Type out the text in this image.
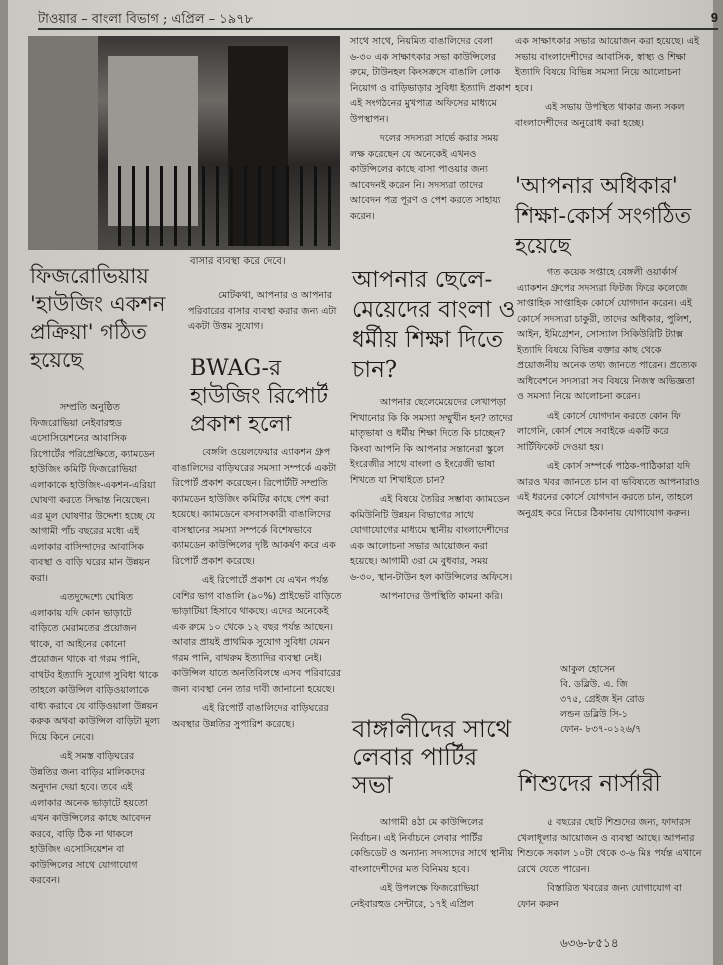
টাওয়ার – বাংলা বিভাগ ; এপ্রিল – ১৯৭৮	9
বাসার ব্যবস্থা করে দেবে।
ফিজরোভিয়ায় 'হাউজিং একশন প্রক্রিয়া' গঠিত হয়েছে

মোটকথা, আপনার ও আপনার পরিবারের বাসার ব্যবস্থা করার জন্য এটা একটা উত্তম সুযোগ।

সম্প্রতি অনুষ্ঠিত ফিজরোভিয়া নেইবারহুড এসোসিয়েশনের আবাসিক রিপোর্টের পরিপ্রেক্ষিতে, ক্যামডেন হাউজিং কমিটি ফিজরোভিয়া এলাকাকে হাউজিং-একশন-এরিয়া ঘোষণা করতে সিদ্ধান্ত নিয়েছেন। এর মূল ঘোষণার উদ্দেশ্য হচ্ছে যে আগামী পাঁচ বছরের মধ্যে এই এলাকার বাসিন্দাদের আবাসিক ব্যবস্থা ও বাড়ি ঘরের মান উন্নয়ন করা।

এতদুদ্দেশ্যে ঘোষিত এলাকায় যদি কোন ভাড়াটে বাড়িতে মেরামতের প্রয়োজন থাকে, বা আইনের কোনো প্রয়োজন থাকে বা গরম পানি, বাথটব ইত্যাদি সুযোগ সুবিধা থাকে তাহলে কাউন্সিল বাড়িওয়ালাকে বাধ্য করাবে যে বাড়িওয়ালা উন্নয়ন করুক অথবা কাউন্সিল বাড়িটা মূল্য দিয়ে কিনে নেবে।

এই সমস্ত বাড়িঘরের উন্নতির জন্য বাড়ির মালিকদের অনুদান দেয়া হবে। তবে এই এলাকার অনেক ভাড়াটে হয়তো এখন কাউন্সিলের কাছে আবেদন করবে, বাড়ি ঠিক না থাকলে হাউজিং এসোসিয়েশন বা কাউন্সিলের সাথে যোগাযোগ করবেন।

BWAG-র হাউজিং রিপোর্ট প্রকাশ হলো

বেঙ্গলি ওয়েলফেয়ার এ্যাকশন গ্রুপ বাঙালিদের বাড়িঘরের সমস্যা সম্পর্কে একটা রিপোর্ট প্রকাশ করেছেন। রিপোর্টটি সম্প্রতি ক্যামডেন হাউজিং কমিটির কাছে পেশ করা হয়েছে। ক্যামডেনে বসবাসকারী বাঙালিদের বাসস্থানের সমস্যা সম্পর্কে বিশেষভাবে ক্যামডেন কাউন্সিলের দৃষ্টি আকর্ষণ করে এক রিপোর্ট প্রকাশ করেছে।

এই রিপোর্টে প্রকাশ যে এখন পর্যন্ত বেশির ভাগ বাঙালি (৯০%) প্রাইভেট বাড়িতে ভাড়াটিয়া হিসাবে থাকছে। এদের অনেকেই এক রুমে ১০ থেকে ১২ বছর পর্যন্ত আছেন। আবার প্রায়ই প্রাথমিক সুযোগ সুবিধা যেমন গরম পানি, বাথরুম ইত্যাদির ব্যবস্থা নেই। কাউন্সিল যাতে অনতিবিলম্বে এসব পরিবারের জন্য ব্যবস্থা নেন তার দাবী জানানো হয়েছে।

এই রিপোর্ট বাঙালিদের বাড়িঘরের অবস্থার উন্নতির সুপারিশ করেছে।

সাথে সাথে, নিয়মিত বাঙালিদের বেলা ৬-৩০ এক সাক্ষাৎকার সভা কাউন্সিলের রুমে, টাউনহল কিংসক্রসে বাঙালি লোক নিয়োগ ও বাড়িভাড়ার সুবিধা ইত্যাদি প্রকাশ এই সংগঠনের মুখপাত্র অফিসের মাধ্যমে উপস্থাপন।

দলের সদস্যরা সার্ভে করার সময় লক্ষ করেছেন যে অনেকেই এখনও কাউন্সিলের কাছে বাসা পাওয়ার জন্য আবেদনই করেন নি। সদস্যরা তাদের আবেদন পত্র পূরণ ও পেশ করতে সাহায্য করেন।

এক সাক্ষাৎকার সভার আয়োজন করা হয়েছে। এই সভায় বাংলাদেশীদের আবাসিক, স্বাস্থ্য ও শিক্ষা ইত্যাদি বিষয়ে বিভিন্ন সমস্যা নিয়ে আলোচনা হবে।

এই সভায় উপস্থিত থাকার জন্য সকল বাংলাদেশীদের অনুরোধ করা হচ্ছে।

আপনার ছেলে-মেয়েদের বাংলা ও ধর্মীয় শিক্ষা দিতে চান?

আপনার ছেলেমেয়েদের লেখাপড়া শিখানোর কি কি সমস্যা সম্মুখীন হন? তাদের মাতৃভাষা ও ধর্মীয় শিক্ষা দিতে কি চাচ্ছেন? কিংবা আপনি কি আপনার সন্তানেরা স্কুলে ইংরেজীর সাথে বাংলা ও ইংরেজী ভাষা শিখতে যা শিখাইতে চান?

এই বিষয়ে তৈরির সম্ভাব্য ক্যামডেন কমিউনিটি উন্নয়ন বিভাগের সাথে যোগাযোগের মাধ্যমে স্থানীয় বাংলাদেশীদের এক আলোচনা সভার আয়োজন করা হয়েছে। আগামী ৩রা মে বুধবার, সময় ৬-৩০, স্থান-টাউন হল কাউন্সিলের অফিসে।

আপনাদের উপস্থিতি কামনা করি।

বাঙ্গালীদের সাথে লেবার পার্টির সভা

আগামী ৪ঠা মে কাউন্সিলের নির্বাচন। এই নির্বাচনে লেবার পার্টির কেন্ডিডেট ও অন্যান্য সদস্যদের সাথে স্থানীয় বাংলাদেশীদের মত বিনিময় হবে।

এই উপলক্ষে ফিজরোভিয়া নেইবারহুড সেন্টারে, ১৭ই এপ্রিল

'আপনার অধিকার' শিক্ষা-কোর্স সংগঠিত হয়েছে

গত কয়েক সপ্তাহে বেঙ্গলী ওয়ার্কার্স এ্যাকশন গ্রুপের সদস্যরা ফিটজ ফিরে কলেজে সাপ্তাহিক সাপ্তাহিক কোর্সে যোগদান করেন। এই কোর্সে সদস্যরা চাকুরী, তাদের অধিকার, পুলিশ, আইন, ইমিগ্রেশন, সোস্যাল সিকিউরিটি ট্যাক্স ইত্যাদি বিষয়ে বিভিন্ন বক্তার কাছ থেকে প্রয়োজনীয় অনেক তথ্য জানতে পারেন। প্রত্যেক অধিবেশনে সদস্যরা সব বিষয়ে নিজস্ব অভিজ্ঞতা ও সমস্যা নিয়ে আলোচনা করেন।

এই কোর্সে যোগদান করতে কোন ফি লাগেনি, কোর্স শেষে সবাইকে একটি করে সার্টিফিকেট দেওয়া হয়।

এই কোর্স সম্পর্কে পাঠক-পাঠিকারা যদি আরও খবর জানতে চান বা ভবিষ্যতে আপনারাও এই ধরনের কোর্সে যোগদান করতে চান, তাহলে অনুগ্রহ করে নিচের ঠিকানায় যোগাযোগ করুন।

আকুল হোসেন
বি. ডব্লিউ. এ. জি
৩৭৫, গ্রেইজ ইন রোড
লন্ডন ডব্লিউ সি-১
ফোন- ৮৩৭-০১২৬/৭
শিশুদের নার্সারী

৫ বছরের ছোট শিশুদের জন্য, ফাদারস খেলাধূলার আয়োজন ও ব্যবস্থা আছে। আপনার শিশুকে সকাল ১০টা থেকে ৩-৬ মিঃ পর্যন্ত এখানে রেখে যেতে পারেন।

বিস্তারিত খবরের জন্য যোগাযোগ বা ফোন করুন

৬৩৬-৮৫১৪
